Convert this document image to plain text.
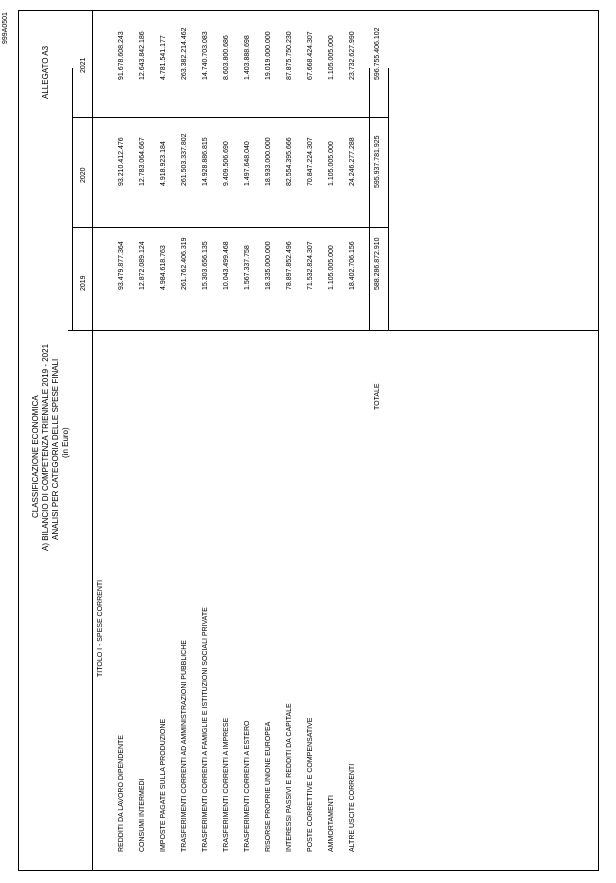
999A0501
CLASSIFICAZIONE ECONOMICA A) BILANCIO DI COMPETENZA TRIENNALE 2019 - 2021 ANALISI PER CATEGORIA DELLE SPESE FINALI (in Euro)
ALLEGATO A3
2019
2020
2021
TITOLO I - SPESE CORRENTI
REDDITI DA LAVORO DIPENDENTE
93.479.877.364
93.210.412.476
91.678.608.243
CONSUMI INTERMEDI
12.872.089.124
12.783.064.667
12.643.842.186
IMPOSTE PAGATE SULLA PRODUZIONE
4.984.618.763
4.918.923.184
4.781.541.177
TRASFERIMENTI CORRENTI AD AMMINISTRAZIONI PUBBLICHE
261.762.406.319
261.503.337.802
263.382.214.462
TRASFERIMENTI CORRENTI A FAMIGLIE E ISTITUZIONI SOCIALI PRIVATE
15.303.656.135
14.928.886.815
14.740.703.083
TRASFERIMENTI CORRENTI A IMPRESE
10.043.499.468
9.409.506.690
8.603.800.686
TRASFERIMENTI CORRENTI A ESTERO
1.567.337.758
1.497.648.040
1.403.888.698
RISORSE PROPRIE UNIONE EUROPEA
18.335.000.000
18.933.000.000
19.019.000.000
INTERESSI PASSIVI E REDDITI DA CAPITALE
78.897.852.496
82.554.395.666
87.875.750.230
POSTE CORRETTIVE E COMPENSATIVE
71.532.824.307
70.847.224.307
67.668.424.307
AMMORTAMENTI
1.105.005.000
1.105.005.000
1.105.005.000
ALTRE USCITE CORRENTI
18.402.706.156
24.246.277.288
23.732.627.990
TOTALE
588.286.872.910
595.937.781.925
596.755.406.102
